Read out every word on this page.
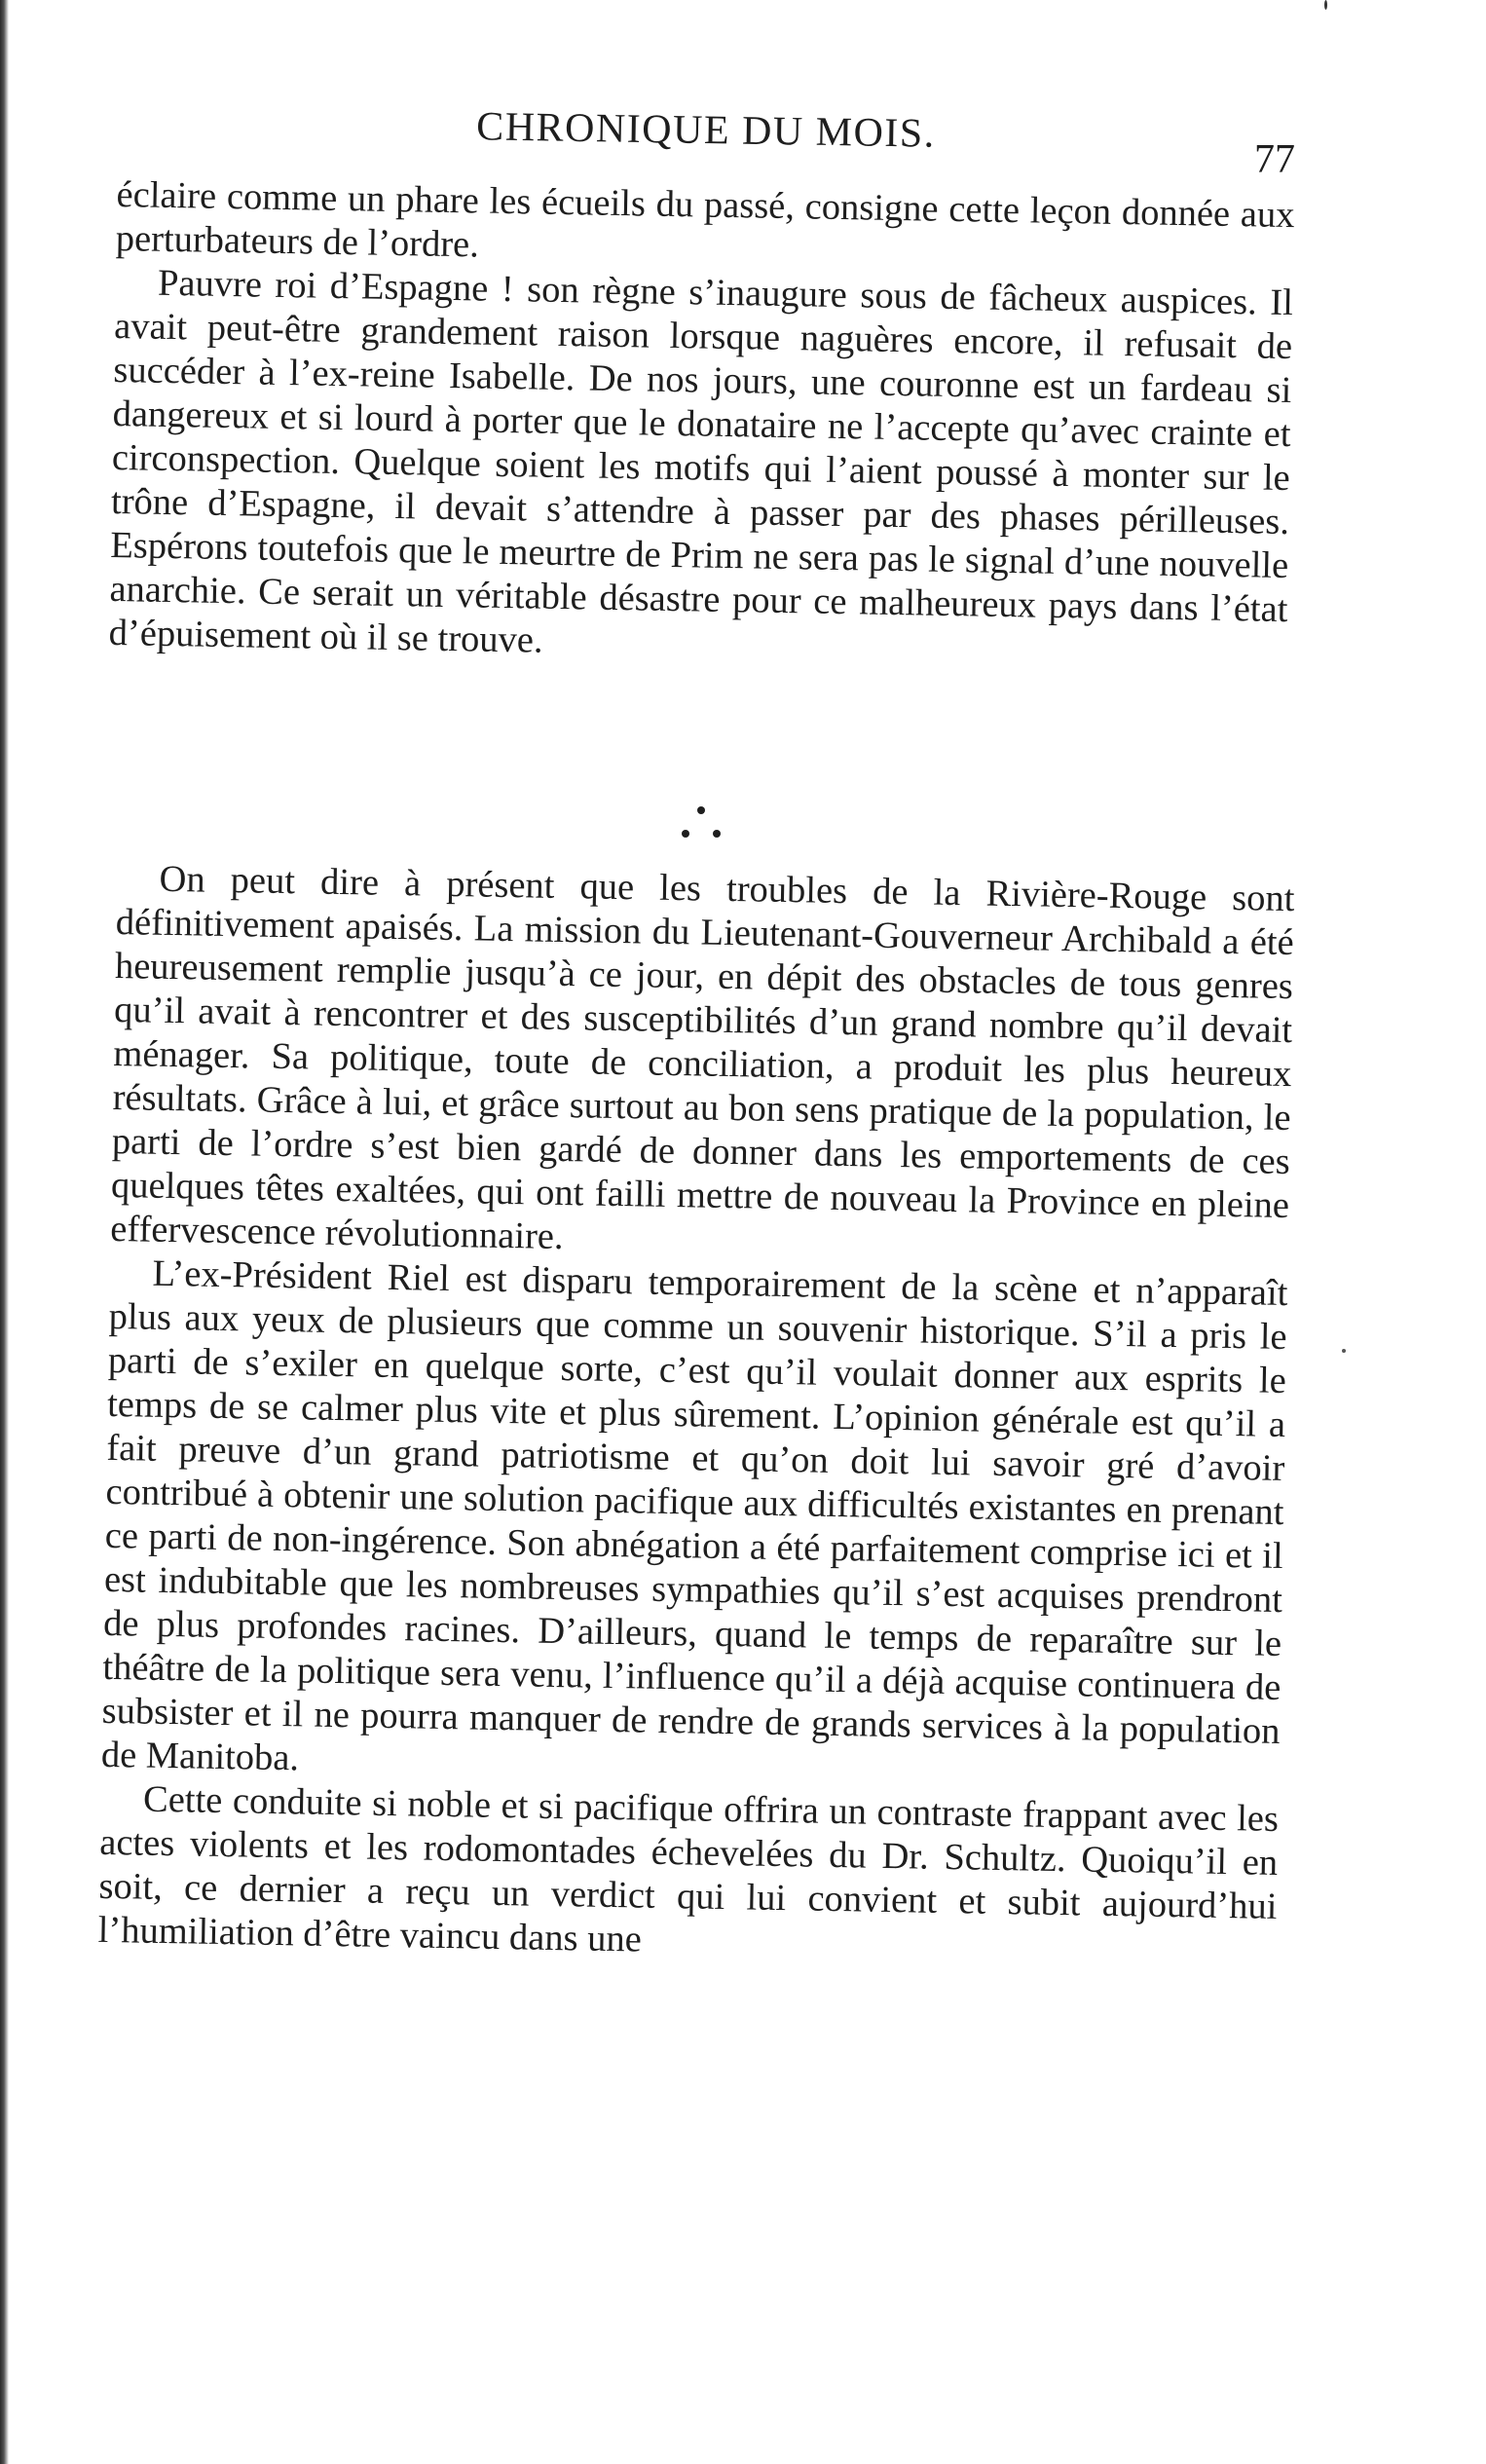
CHRONIQUE DU MOIS.
77

éclaire comme un phare les écueils du passé, consigne cette leçon donnée aux perturbateurs de l’ordre.

Pauvre roi d’Espagne ! son règne s’inaugure sous de fâcheux auspices. Il avait peut-être grandement raison lorsque naguères encore, il refusait de succéder à l’ex-reine Isabelle. De nos jours, une couronne est un fardeau si dangereux et si lourd à porter que le donataire ne l’accepte qu’avec crainte et circonspection. Quelque soient les motifs qui l’aient poussé à monter sur le trône d’Espagne, il devait s’attendre à passer par des phases périlleuses. Espérons toutefois que le meurtre de Prim ne sera pas le signal d’une nouvelle anarchie. Ce serait un véritable désastre pour ce malheureux pays dans l’état d’épuisement où il se trouve.

On peut dire à présent que les troubles de la Rivière-Rouge sont définitivement apaisés. La mission du Lieutenant-Gouverneur Archibald a été heureusement remplie jusqu’à ce jour, en dépit des obstacles de tous genres qu’il avait à rencontrer et des susceptibilités d’un grand nombre qu’il devait ménager. Sa politique, toute de conciliation, a produit les plus heureux résultats. Grâce à lui, et grâce surtout au bon sens pratique de la population, le parti de l’ordre s’est bien gardé de donner dans les emportements de ces quelques têtes exaltées, qui ont failli mettre de nouveau la Province en pleine effervescence révolutionnaire.

L’ex-Président Riel est disparu temporairement de la scène et n’apparaît plus aux yeux de plusieurs que comme un souvenir historique. S’il a pris le parti de s’exiler en quelque sorte, c’est qu’il voulait donner aux esprits le temps de se calmer plus vite et plus sûrement. L’opinion générale est qu’il a fait preuve d’un grand patriotisme et qu’on doit lui savoir gré d’avoir contribué à obtenir une solution pacifique aux difficultés existantes en prenant ce parti de non-ingérence. Son abnégation a été parfaitement comprise ici et il est indubitable que les nombreuses sympathies qu’il s’est acquises prendront de plus profondes racines. D’ailleurs, quand le temps de reparaître sur le théâtre de la politique sera venu, l’influence qu’il a déjà acquise continuera de subsister et il ne pourra manquer de rendre de grands services à la population de Manitoba.

Cette conduite si noble et si pacifique offrira un contraste frappant avec les actes violents et les rodomontades échevelées du Dr. Schultz. Quoiqu’il en soit, ce dernier a reçu un verdict qui lui convient et subit aujourd’hui l’humiliation d’être vaincu dans une
